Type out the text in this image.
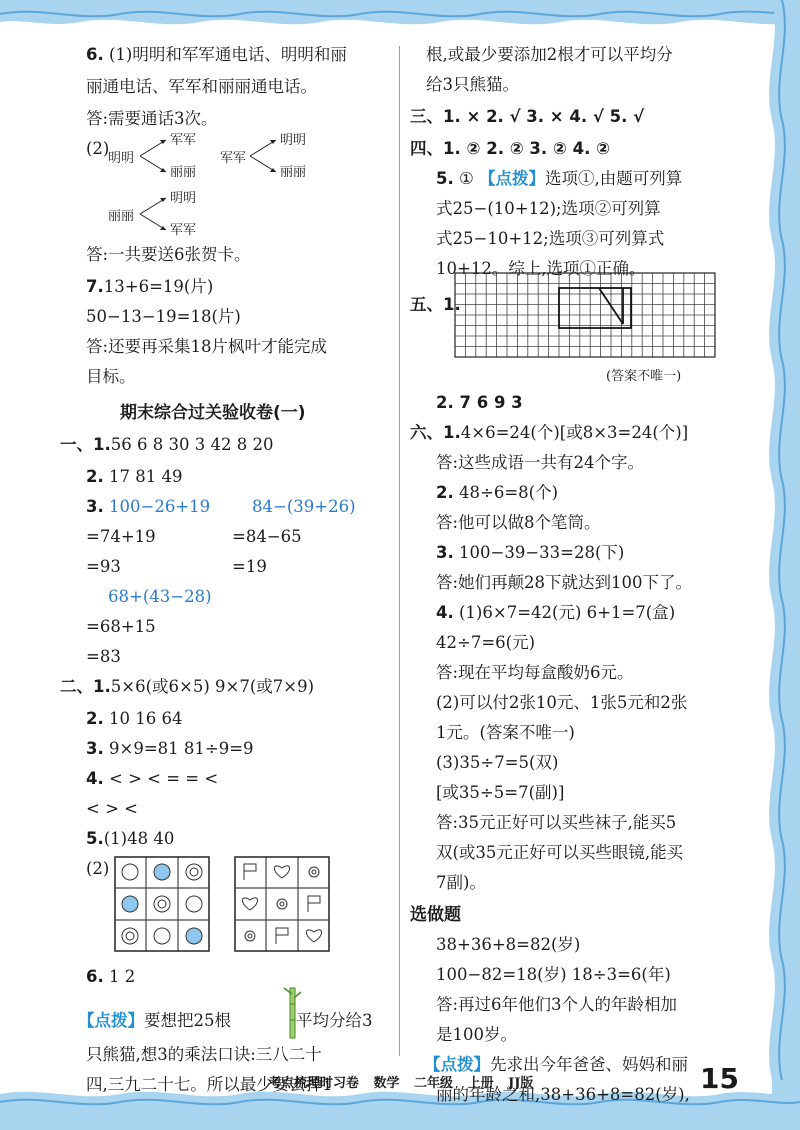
6. (1)明明和军军通电话、明明和丽
丽通电话、军军和丽丽通电话。
答:需要通话3次。
(2)
明明
军军
丽丽
军军
明明
丽丽
丽丽
明明
军军
答:一共要送6张贺卡。
7.13+6=19(片)
50−13−19=18(片)
答:还要再采集18片枫叶才能完成
目标。
期末综合过关验收卷(一)
一、1.56 6 8 30 3 42 8 20
2. 17 81 49
3. 100−26+19	84−(39+26)
=74+19	=84−65
=93	=19
68+(43−28)
=68+15
=83
二、1.5×6(或6×5) 9×7(或7×9)
2. 10 16 64
3. 9×9=81 81÷9=9
4. < > < = = <
< > <
5.(1)48 40
(2)
6. 1 2
【点拨】要想把25根	平均分给3
只熊猫,想3的乘法口诀:三八二十
四,三九二十七。所以最少要去掉1
根,或最少要添加2根才可以平均分
给3只熊猫。
三、1. × 2. √ 3. × 4. √ 5. √
四、1. ② 2. ② 3. ② 4. ②
5. ① 【点拨】选项①,由题可列算
式25−(10+12);选项②可列算
式25−10+12;选项③可列算式
10+12。综上,选项①正确。
五、1.
(答案不唯一)
2. 7 6 9 3
六、1.4×6=24(个)[或8×3=24(个)]
答:这些成语一共有24个字。
2. 48÷6=8(个)
答:他可以做8个笔筒。
3. 100−39−33=28(下)
答:她们再颠28下就达到100下了。
4. (1)6×7=42(元) 6+1=7(盒)
42÷7=6(元)
答:现在平均每盒酸奶6元。
(2)可以付2张10元、1张5元和2张
1元。(答案不唯一)
(3)35÷7=5(双)
[或35÷5=7(副)]
答:35元正好可以买些袜子,能买5
双(或35元正好可以买些眼镜,能买
7副)。
选做题
38+36+8=82(岁)
100−82=18(岁) 18÷3=6(年)
答:再过6年他们3个人的年龄相加
是100岁。
【点拨】先求出今年爸爸、妈妈和丽
丽的年龄之和,38+36+8=82(岁),
考点梳理时习卷 数学 二年级 上册 JJ版	15
